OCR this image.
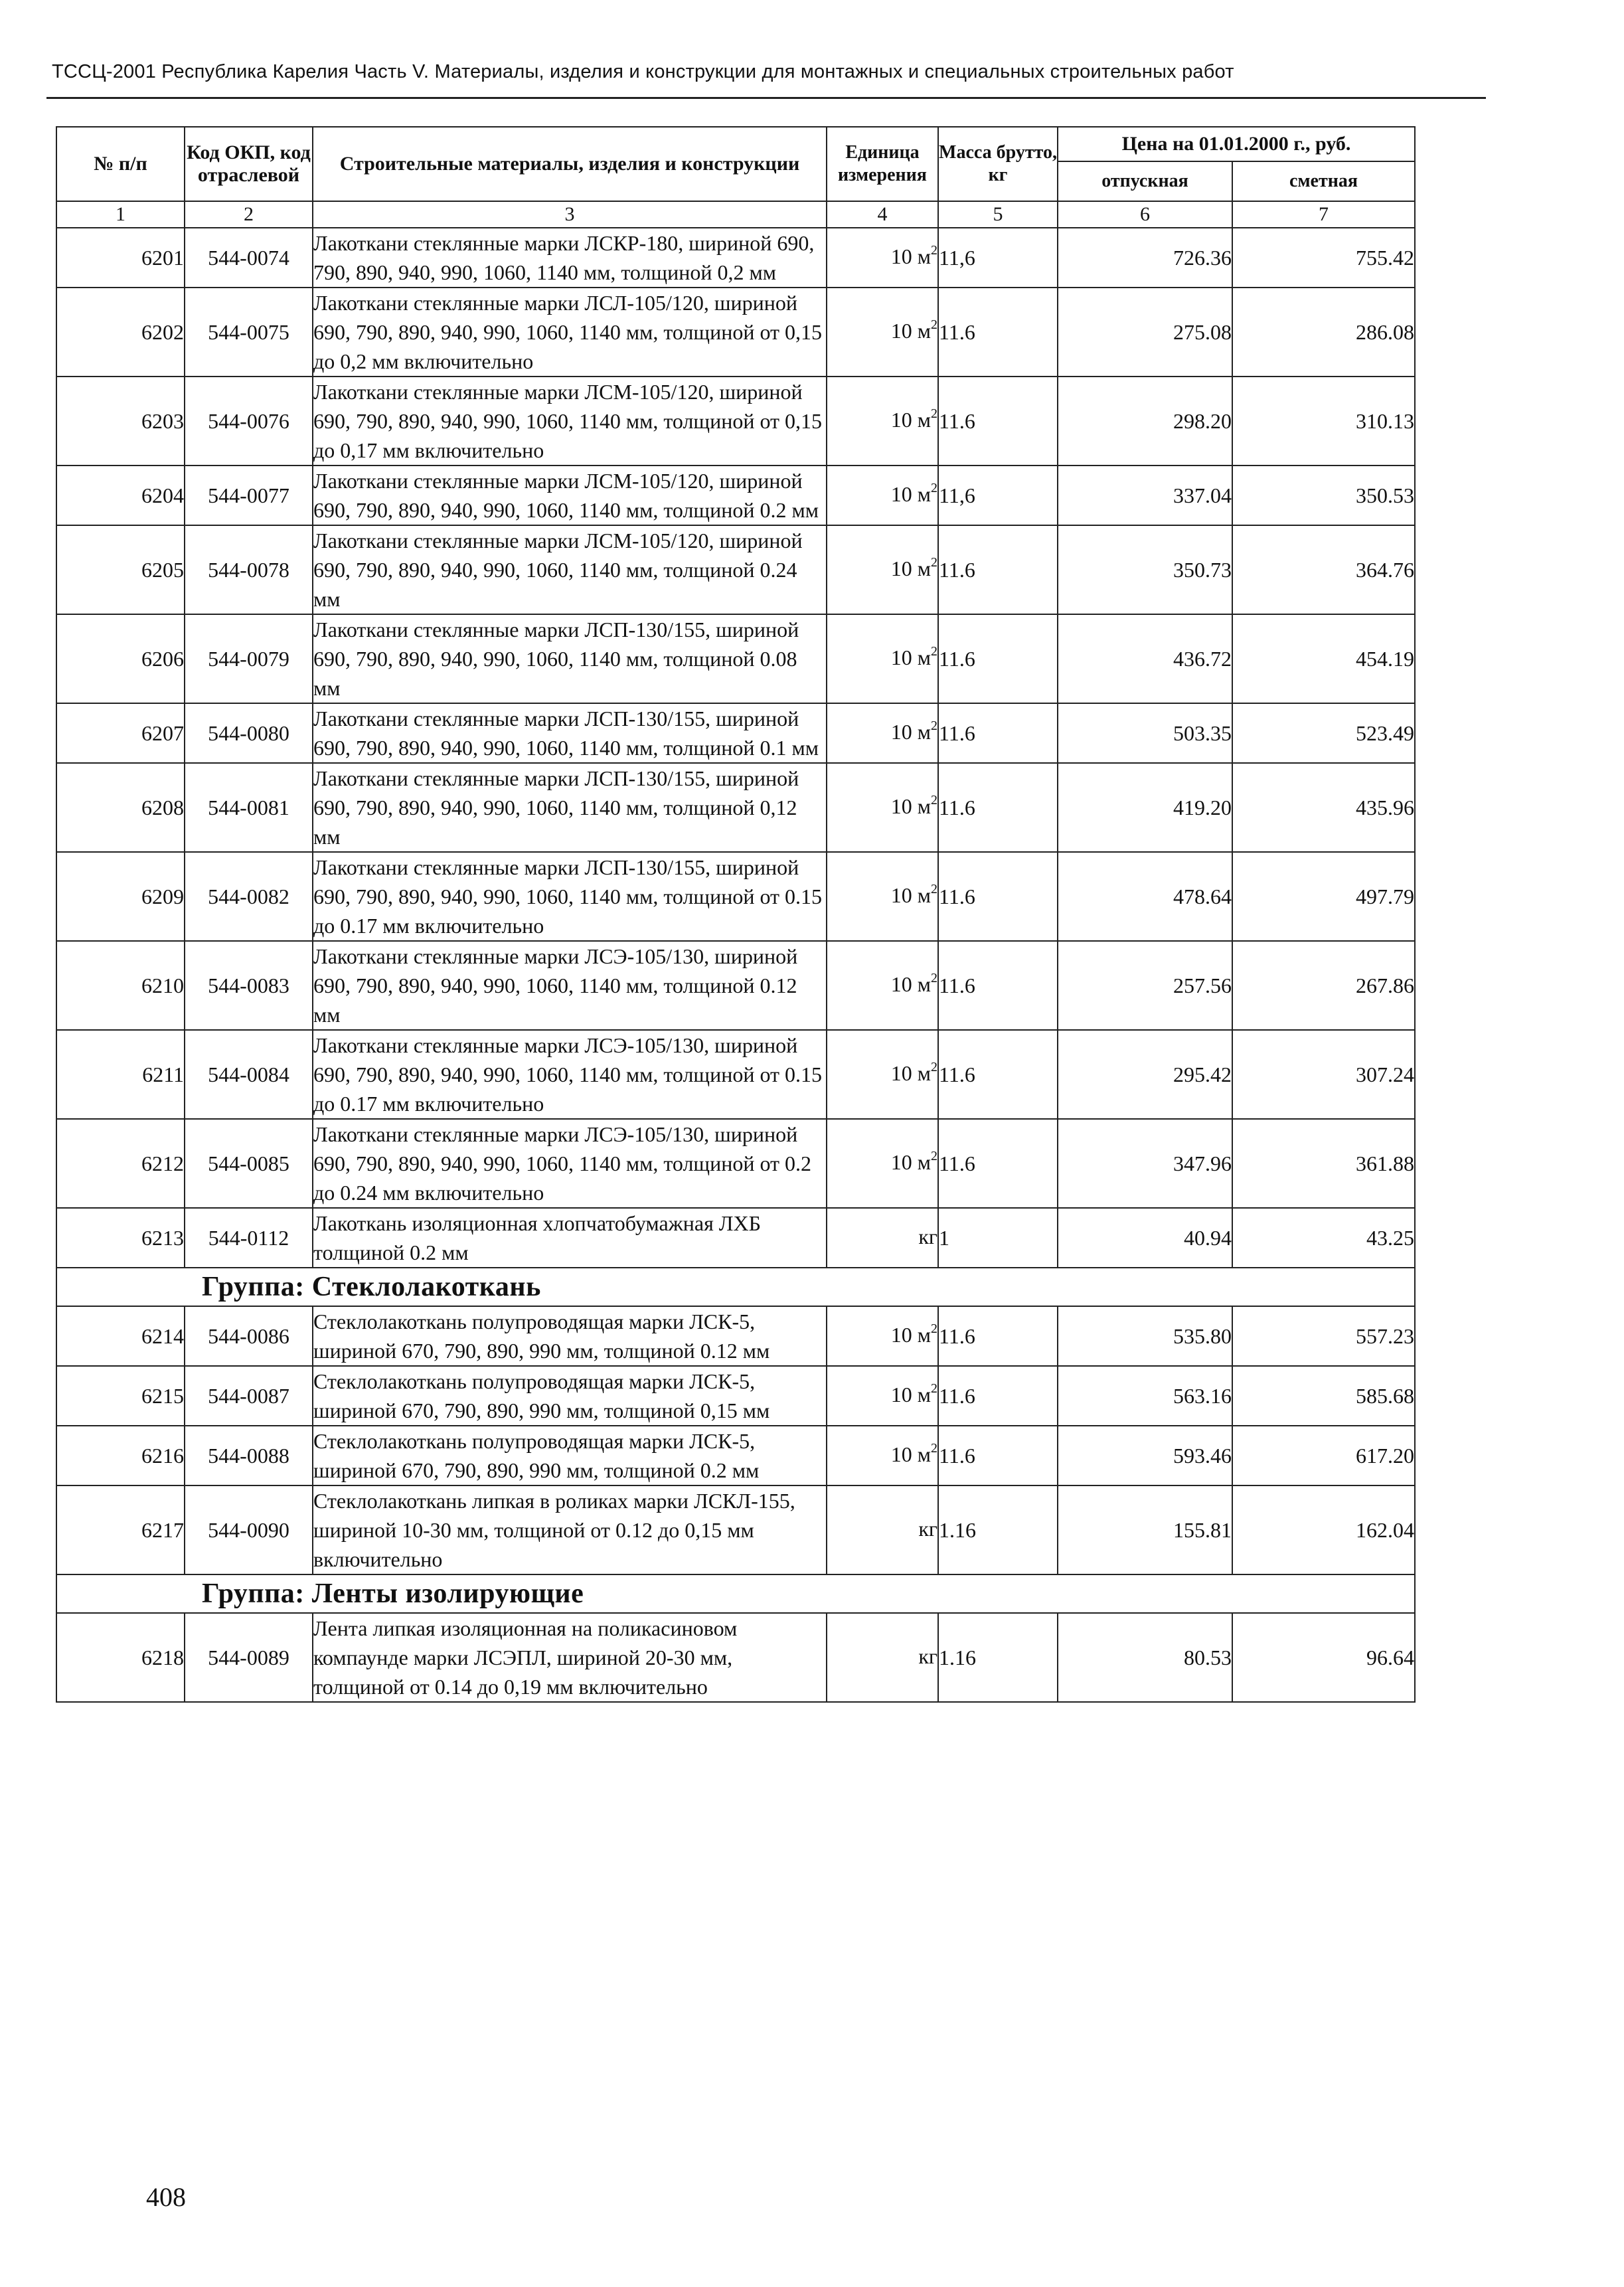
ТССЦ-2001 Республика Карелия Часть V. Материалы, изделия и конструкции для монтажных и специальных строительных работ
№ п/п	Код ОКП, код отраслевой	Строительные материалы, изделия и конструкции	Единица измерения	Масса брутто, кг	Цена на 01.01.2000 г., руб.	
					отпускная	сметная
1	2	3	4	5	6	7
6201	544-0074	Лакоткани стеклянные марки ЛСКР-180, шириной 690, 790, 890, 940, 990, 1060, 1140 мм, толщиной 0,2 мм	10 $м^2$	11,6	726.36	755.42
6202	544-0075	Лакоткани стеклянные марки ЛСЛ-105/120, шириной 690, 790, 890, 940, 990, 1060, 1140 мм, толщиной от 0,15 до 0,2 мм включительно	10 $м^2$	11.6	275.08	286.08
6203	544-0076	Лакоткани стеклянные марки ЛСМ-105/120, шириной 690, 790, 890, 940, 990, 1060, 1140 мм, толщиной от 0,15 до 0,17 мм включительно	10 $м^2$	11.6	298.20	310.13
6204	544-0077	Лакоткани стеклянные марки ЛСМ-105/120, шириной 690, 790, 890, 940, 990, 1060, 1140 мм, толщиной 0.2 мм	10 $м^2$	11,6	337.04	350.53
6205	544-0078	Лакоткани стеклянные марки ЛСМ-105/120, шириной 690, 790, 890, 940, 990, 1060, 1140 мм, толщиной 0.24 мм	10 $м^2$	11.6	350.73	364.76
6206	544-0079	Лакоткани стеклянные марки ЛСП-130/155, шириной 690, 790, 890, 940, 990, 1060, 1140 мм, толщиной 0.08 мм	10 $м^2$	11.6	436.72	454.19
6207	544-0080	Лакоткани стеклянные марки ЛСП-130/155, шириной 690, 790, 890, 940, 990, 1060, 1140 мм, толщиной 0.1 мм	10 $м^2$	11.6	503.35	523.49
6208	544-0081	Лакоткани стеклянные марки ЛСП-130/155, шириной 690, 790, 890, 940, 990, 1060, 1140 мм, толщиной 0,12 мм	10 $м^2$	11.6	419.20	435.96
6209	544-0082	Лакоткани стеклянные марки ЛСП-130/155, шириной 690, 790, 890, 940, 990, 1060, 1140 мм, толщиной от 0.15 до 0.17 мм включительно	10 $м^2$	11.6	478.64	497.79
6210	544-0083	Лакоткани стеклянные марки ЛСЭ-105/130, шириной 690, 790, 890, 940, 990, 1060, 1140 мм, толщиной 0.12 мм	10 $м^2$	11.6	257.56	267.86
6211	544-0084	Лакоткани стеклянные марки ЛСЭ-105/130, шириной 690, 790, 890, 940, 990, 1060, 1140 мм, толщиной от 0.15 до 0.17 мм включительно	10 $м^2$	11.6	295.42	307.24
6212	544-0085	Лакоткани стеклянные марки ЛСЭ-105/130, шириной 690, 790, 890, 940, 990, 1060, 1140 мм, толщиной от 0.2 до 0.24 мм включительно	10 $м^2$	11.6	347.96	361.88
6213	544-0112	Лакоткань изоляционная хлопчатобумажная ЛХБ толщиной 0.2 мм	кг	1	40.94	43.25
Группа: Стеклолакоткань						
6214	544-0086	Стеклолакоткань полупроводящая марки ЛСК-5, шириной 670, 790, 890, 990 мм, толщиной 0.12 мм	10 $м^2$	11.6	535.80	557.23
6215	544-0087	Стеклолакоткань полупроводящая марки ЛСК-5, шириной 670, 790, 890, 990 мм, толщиной 0,15 мм	10 $м^2$	11.6	563.16	585.68
6216	544-0088	Стеклолакоткань полупроводящая марки ЛСК-5, шириной 670, 790, 890, 990 мм, толщиной 0.2 мм	10 $м^2$	11.6	593.46	617.20
6217	544-0090	Стеклолакоткань липкая в роликах марки ЛСКЛ-155, шириной 10-30 мм, толщиной от 0.12 до 0,15 мм включительно	кг	1.16	155.81	162.04
Группа: Ленты изолирующие						
6218	544-0089	Лента липкая изоляционная на поликасиновом компаунде марки ЛСЭПЛ, шириной 20-30 мм, толщиной от 0.14 до 0,19 мм включительно	кг	1.16	80.53	96.64
408
